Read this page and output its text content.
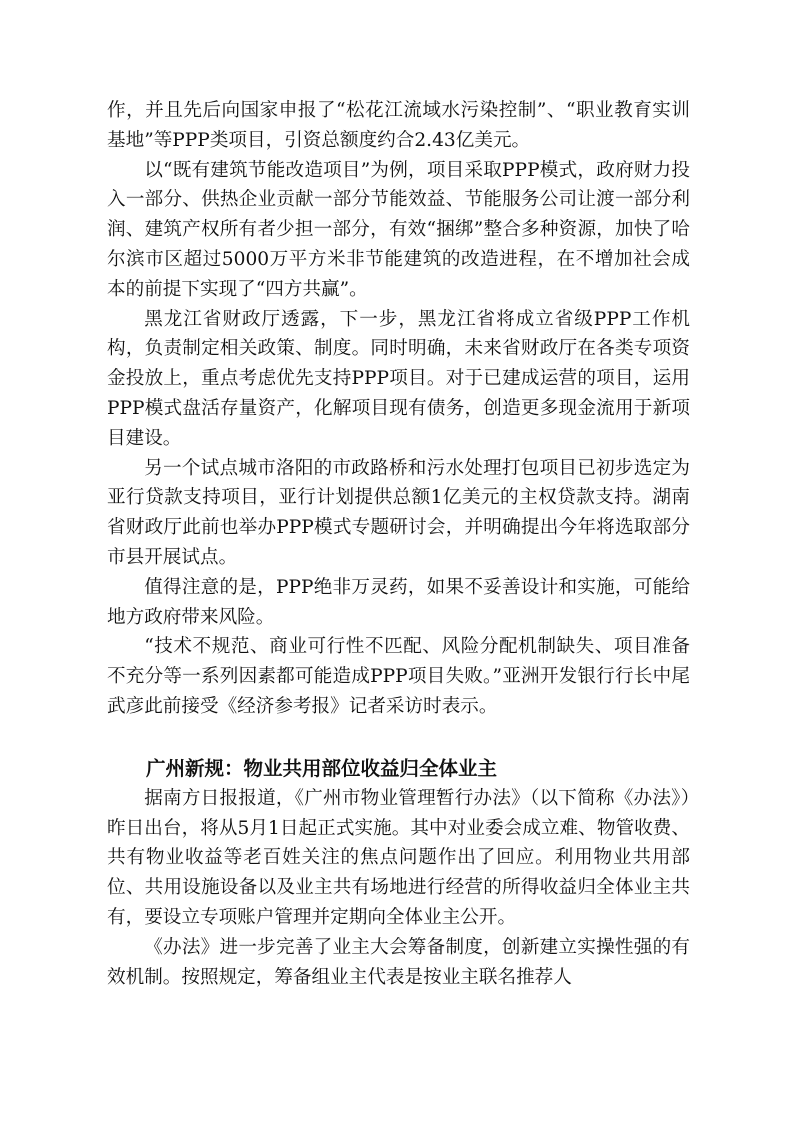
作，并且先后向国家申报了“松花江流域水污染控制”、“职业教育实训基地”等PPP类项目，引资总额度约合2.43亿美元。

以“既有建筑节能改造项目”为例，项目采取PPP模式，政府财力投入一部分、供热企业贡献一部分节能效益、节能服务公司让渡一部分利润、建筑产权所有者少担一部分，有效“捆绑”整合多种资源，加快了哈尔滨市区超过5000万平方米非节能建筑的改造进程，在不增加社会成本的前提下实现了“四方共赢”。

黑龙江省财政厅透露，下一步，黑龙江省将成立省级PPP工作机构，负责制定相关政策、制度。同时明确，未来省财政厅在各类专项资金投放上，重点考虑优先支持PPP项目。对于已建成运营的项目，运用PPP模式盘活存量资产，化解项目现有债务，创造更多现金流用于新项目建设。

另一个试点城市洛阳的市政路桥和污水处理打包项目已初步选定为亚行贷款支持项目，亚行计划提供总额1亿美元的主权贷款支持。湖南省财政厅此前也举办PPP模式专题研讨会，并明确提出今年将选取部分市县开展试点。

值得注意的是，PPP绝非万灵药，如果不妥善设计和实施，可能给地方政府带来风险。

“技术不规范、商业可行性不匹配、风险分配机制缺失、项目准备不充分等一系列因素都可能造成PPP项目失败。”亚洲开发银行行长中尾武彦此前接受《经济参考报》记者采访时表示。

广州新规：物业共用部位收益归全体业主

据南方日报报道，《广州市物业管理暂行办法》（以下简称《办法》）昨日出台，将从5月1日起正式实施。其中对业委会成立难、物管收费、共有物业收益等老百姓关注的焦点问题作出了回应。利用物业共用部位、共用设施设备以及业主共有场地进行经营的所得收益归全体业主共有，要设立专项账户管理并定期向全体业主公开。

《办法》进一步完善了业主大会筹备制度，创新建立实操性强的有效机制。按照规定，筹备组业主代表是按业主联名推荐人
